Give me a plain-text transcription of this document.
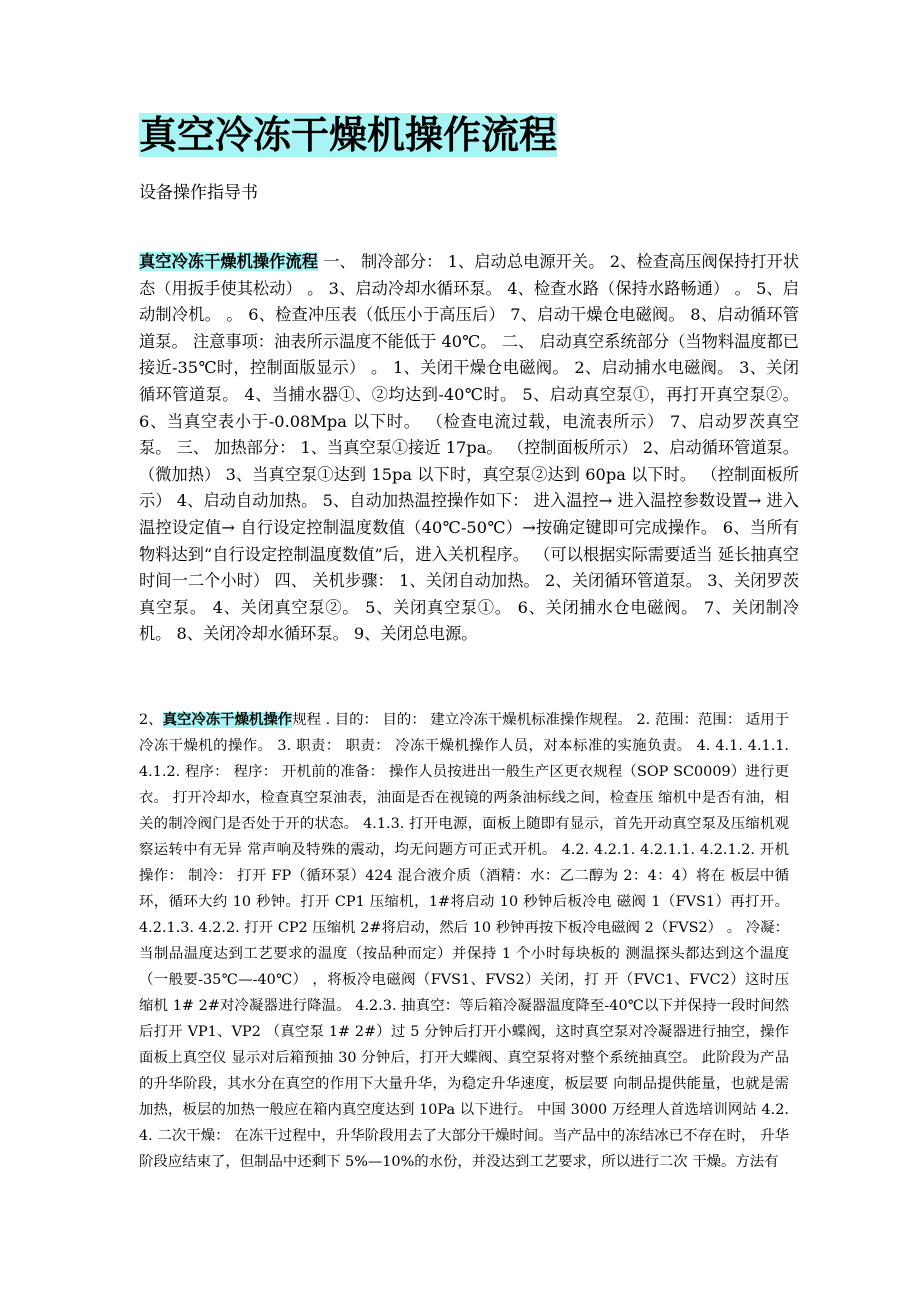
真空冷冻干燥机操作流程
设备操作指导书

真空冷冻干燥机操作流程 一、 制冷部分： 1、启动总电源开关。 2、检查高压阀保持打开状态（用扳手使其松动） 。 3、启动冷却水循环泵。 4、检查水路（保持水路畅通） 。 5、启动制冷机。 。 6、检查冲压表（低压小于高压后） 7、启动干燥仓电磁阀。 8、启动循环管道泵。 注意事项：油表所示温度不能低于 40℃。 二、 启动真空系统部分（当物料温度都已接近-35℃时，控制面版显示） 。 1、关闭干燥仓电磁阀。 2、启动捕水电磁阀。 3、关闭循环管道泵。 4、当捕水器①、②均达到-40℃时。 5、启动真空泵①，再打开真空泵②。 6、当真空表小于-0.08Mpa 以下时。 （检查电流过载，电流表所示） 7、启动罗茨真空泵。 三、 加热部分： 1、当真空泵①接近 17pa。 （控制面板所示） 2、启动循环管道泵。 （微加热） 3、当真空泵①达到 15pa 以下时，真空泵②达到 60pa 以下时。 （控制面板所示） 4、启动自动加热。 5、自动加热温控操作如下： 进入温控→ 进入温控参数设置→ 进入温控设定值→ 自行设定控制温度数值（40℃-50℃）→按确定键即可完成操作。 6、当所有物料达到“自行设定控制温度数值”后，进入关机程序。 （可以根据实际需要适当 延长抽真空时间一二个小时） 四、 关机步骤： 1、关闭自动加热。 2、关闭循环管道泵。 3、关闭罗茨真空泵。 4、关闭真空泵②。 5、关闭真空泵①。 6、关闭捕水仓电磁阀。 7、关闭制冷机。 8、关闭冷却水循环泵。 9、关闭总电源。

2、真空冷冻干燥机操作规程 . 目的： 目的： 建立冷冻干燥机标准操作规程。 2. 范围：范围： 适用于冷冻干燥机的操作。 3. 职责： 职责： 冷冻干燥机操作人员，对本标准的实施负责。 4. 4.1. 4.1.1. 4.1.2. 程序： 程序： 开机前的准备： 操作人员按进出一般生产区更衣规程（SOP SC0009）进行更衣。 打开冷却水，检查真空泵油表，油面是否在视镜的两条油标线之间，检查压 缩机中是否有油，相关的制冷阀门是否处于开的状态。 4.1.3. 打开电源，面板上随即有显示，首先开动真空泵及压缩机观察运转中有无异 常声响及特殊的震动，均无问题方可正式开机。 4.2. 4.2.1. 4.2.1.1. 4.2.1.2. 开机操作： 制冷： 打开 FP（循环泵）424 混合液介质（酒精：水：乙二醇为 2：4：4）将在 板层中循环，循环大约 10 秒钟。打开 CP1 压缩机，1#将启动 10 秒钟后板冷电 磁阀 1（FVS1）再打开。 4.2.1.3. 4.2.2. 打开 CP2 压缩机 2#将启动，然后 10 秒钟再按下板冷电磁阀 2（FVS2） 。 冷凝：当制品温度达到工艺要求的温度（按品种而定）并保持 1 个小时每块板的 测温探头都达到这个温度（一般要-35℃—-40℃） ，将板冷电磁阀（FVS1、FVS2）关闭，打 开（FVC1、FVC2）这时压缩机 1# 2#对冷凝器进行降温。 4.2.3. 抽真空：等后箱冷凝器温度降至-40℃以下并保持一段时间然后打开 VP1、VP2 （真空泵 1# 2#）过 5 分钟后打开小蝶阀，这时真空泵对冷凝器进行抽空，操作面板上真空仪 显示对后箱预抽 30 分钟后，打开大蝶阀、真空泵将对整个系统抽真空。 此阶段为产品的升华阶段，其水分在真空的作用下大量升华，为稳定升华速度，板层要 向制品提供能量，也就是需加热，板层的加热一般应在箱内真空度达到 10Pa 以下进行。 中国 3000 万经理人首选培训网站 4.2.4. 二次干燥： 在冻干过程中，升华阶段用去了大部分干燥时间。当产品中的冻结冰已不存在时， 升华阶段应结束了，但制品中还剩下 5%—10%的水份，并没达到工艺要求，所以进行二次 干燥。方法有
